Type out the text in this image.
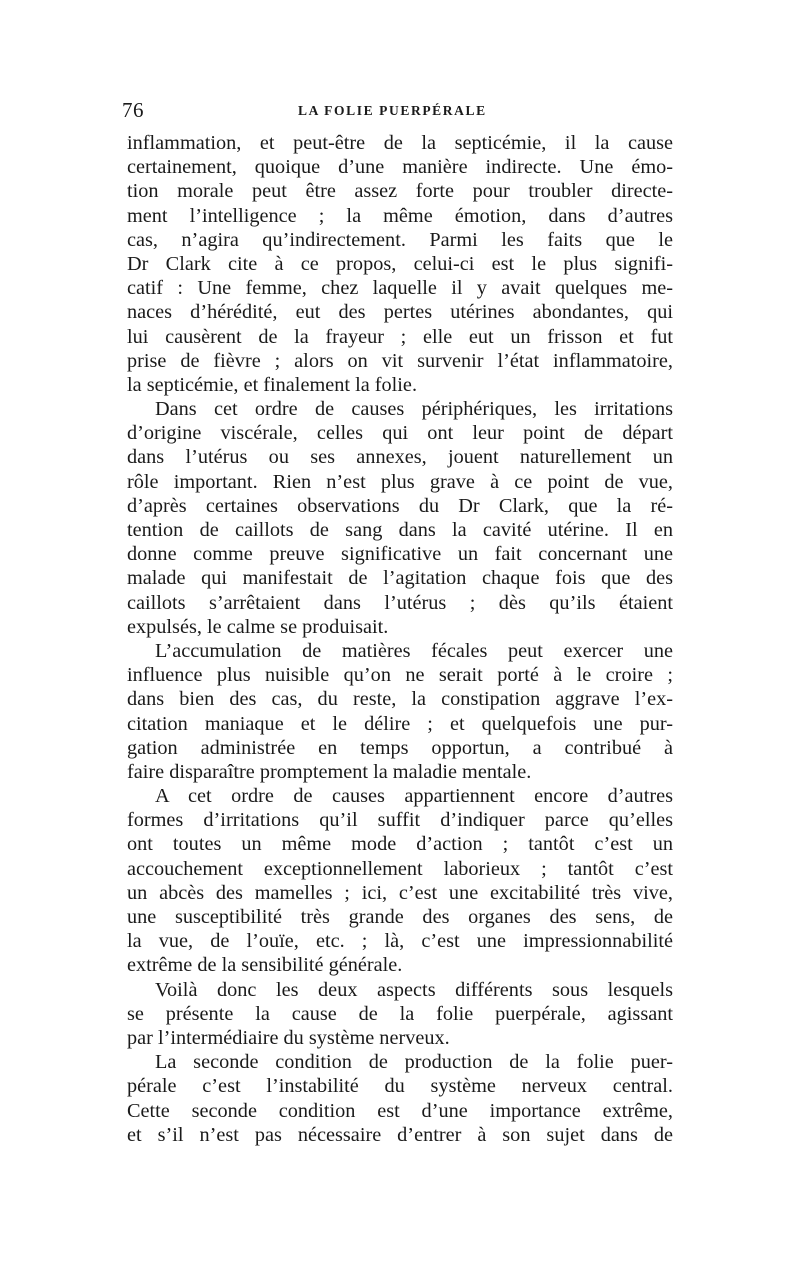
76	LA FOLIE PUERPÉRALE
inflammation, et peut-être de la septicémie, il la cause
certainement, quoique d’une manière indirecte. Une émo-
tion morale peut être assez forte pour troubler directe-
ment l’intelligence ; la même émotion, dans d’autres
cas, n’agira qu’indirectement. Parmi les faits que le
Dr Clark cite à ce propos, celui-ci est le plus signifi-
catif : Une femme, chez laquelle il y avait quelques me-
naces d’hérédité, eut des pertes utérines abondantes, qui
lui causèrent de la frayeur ; elle eut un frisson et fut
prise de fièvre ; alors on vit survenir l’état inflammatoire,
la septicémie, et finalement la folie.
Dans cet ordre de causes périphériques, les irritations
d’origine viscérale, celles qui ont leur point de départ
dans l’utérus ou ses annexes, jouent naturellement un
rôle important. Rien n’est plus grave à ce point de vue,
d’après certaines observations du Dr Clark, que la ré-
tention de caillots de sang dans la cavité utérine. Il en
donne comme preuve significative un fait concernant une
malade qui manifestait de l’agitation chaque fois que des
caillots s’arrêtaient dans l’utérus ; dès qu’ils étaient
expulsés, le calme se produisait.
L’accumulation de matières fécales peut exercer une
influence plus nuisible qu’on ne serait porté à le croire ;
dans bien des cas, du reste, la constipation aggrave l’ex-
citation maniaque et le délire ; et quelquefois une pur-
gation administrée en temps opportun, a contribué à
faire disparaître promptement la maladie mentale.
A cet ordre de causes appartiennent encore d’autres
formes d’irritations qu’il suffit d’indiquer parce qu’elles
ont toutes un même mode d’action ; tantôt c’est un
accouchement exceptionnellement laborieux ; tantôt c’est
un abcès des mamelles ; ici, c’est une excitabilité très vive,
une susceptibilité très grande des organes des sens, de
la vue, de l’ouïe, etc. ; là, c’est une impressionnabilité
extrême de la sensibilité générale.
Voilà donc les deux aspects différents sous lesquels
se présente la cause de la folie puerpérale, agissant
par l’intermédiaire du système nerveux.
La seconde condition de production de la folie puer-
pérale c’est l’instabilité du système nerveux central.
Cette seconde condition est d’une importance extrême,
et s’il n’est pas nécessaire d’entrer à son sujet dans de
